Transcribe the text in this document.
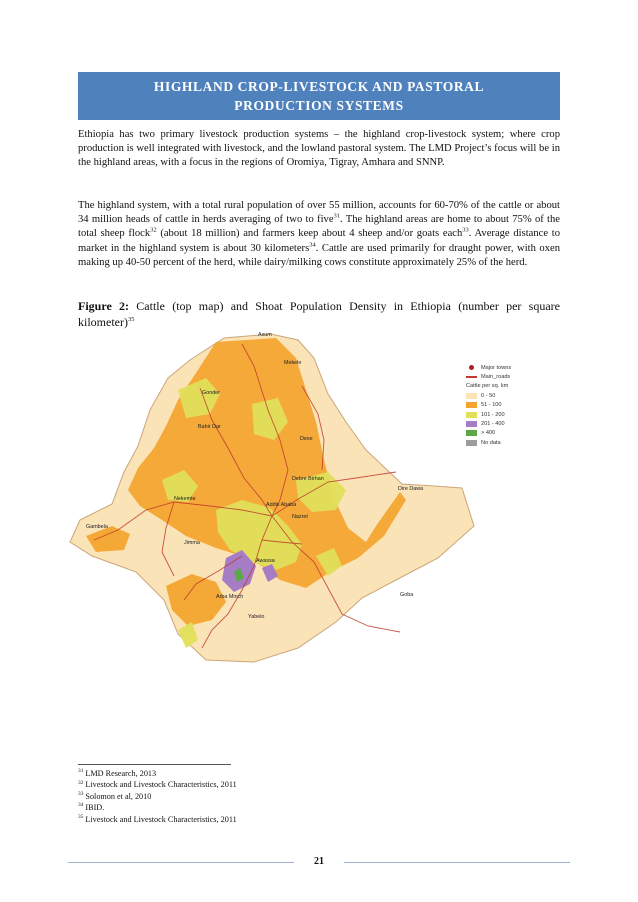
HIGHLAND CROP-LIVESTOCK AND PASTORAL
PRODUCTION SYSTEMS

Ethiopia has two primary livestock production systems – the highland crop-livestock system; where crop production is well integrated with livestock, and the lowland pastoral system. The LMD Project’s focus will be in the highland areas, with a focus in the regions of Oromiya, Tigray, Amhara and SNNP.

The highland system, with a total rural population of over 55 million, accounts for 60-70% of the cattle or about 34 million heads of cattle in herds averaging of two to five$^{31}$. The highland areas are home to about 75% of the total sheep flock$^{32}$ (about 18 million) and farmers keep about 4 sheep and/or goats each$^{33}$. Average distance to market in the highland system is about 30 kilometers$^{34}$. Cattle are used primarily for draught power, with oxen making up 40-50 percent of the herd, while dairy/milking cows constitute approximately 25% of the herd.

Figure 2: Cattle (top map) and Shoat Population Density in Ethiopia (number per square kilometer)$^{35}$

Axum
Mekele
Gonder
Bahir Dar
Dese
Debre Birhan
Dire Dawa
Nekemte
Addis Ababa
Nazret
Gambela
Jimma
Awassa
Arba Minch	Goba
Yabelo
Major towns
Main_roads
Cattle per sq. km
0 - 50
51 - 100
101 - 200
201 - 400
> 400
No data
$^{31}$ LMD Research, 2013
$^{32}$ Livestock and Livestock Characteristics, 2011
$^{33}$ Solomon et al, 2010
$^{34}$ IBID.
$^{35}$ Livestock and Livestock Characteristics, 2011
21
